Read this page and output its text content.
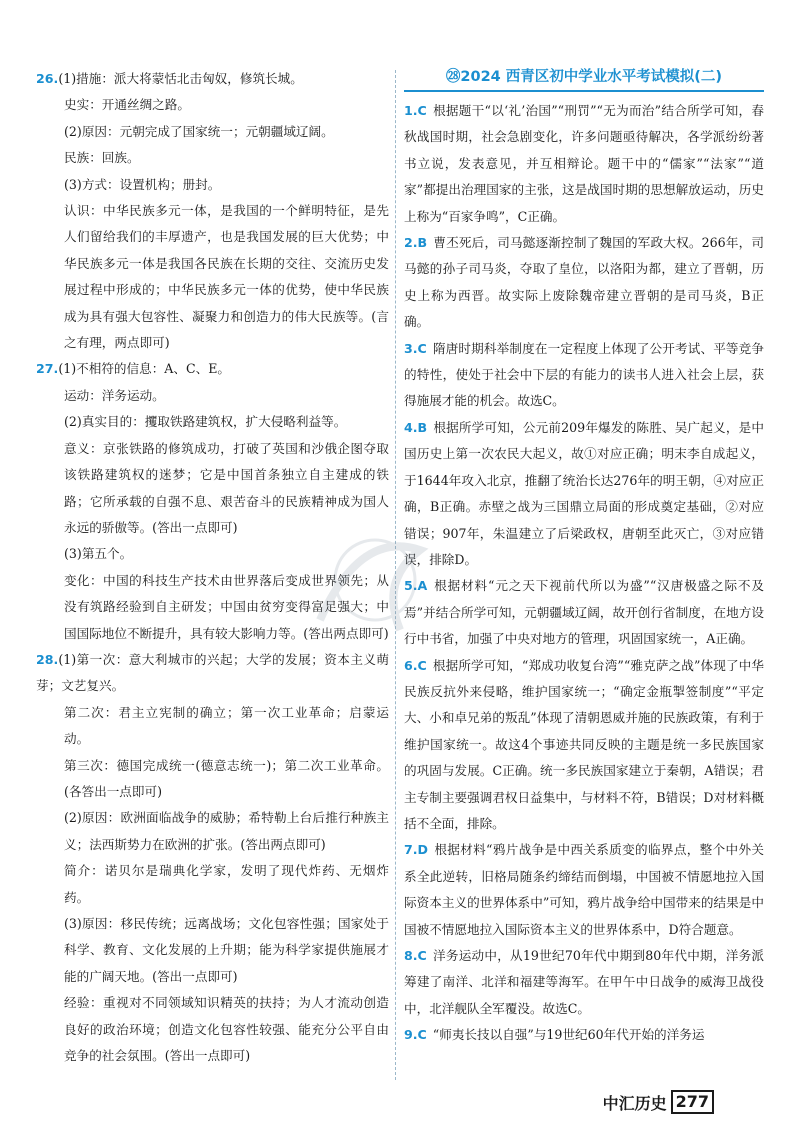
26.(1)措施：派大将蒙恬北击匈奴，修筑长城。

史实：开通丝绸之路。

(2)原因：元朝完成了国家统一；元朝疆域辽阔。

民族：回族。

(3)方式：设置机构；册封。

认识：中华民族多元一体，是我国的一个鲜明特征，是先人们留给我们的丰厚遗产，也是我国发展的巨大优势；中华民族多元一体是我国各民族在长期的交往、交流历史发展过程中形成的；中华民族多元一体的优势，使中华民族成为具有强大包容性、凝聚力和创造力的伟大民族等。(言之有理，两点即可)

27.(1)不相符的信息：A、C、E。

运动：洋务运动。

(2)真实目的：攫取铁路建筑权，扩大侵略利益等。

意义：京张铁路的修筑成功，打破了英国和沙俄企图夺取该铁路建筑权的迷梦；它是中国首条独立自主建成的铁路；它所承载的自强不息、艰苦奋斗的民族精神成为国人永远的骄傲等。(答出一点即可)

(3)第五个。

变化：中国的科技生产技术由世界落后变成世界领先；从没有筑路经验到自主研发；中国由贫穷变得富足强大；中国国际地位不断提升，具有较大影响力等。(答出两点即可)

28.(1)第一次：意大利城市的兴起；大学的发展；资本主义萌芽；文艺复兴。

第二次：君主立宪制的确立；第一次工业革命；启蒙运动。

第三次：德国完成统一(德意志统一)；第二次工业革命。(各答出一点即可)

(2)原因：欧洲面临战争的威胁；希特勒上台后推行种族主义；法西斯势力在欧洲的扩张。(答出两点即可)

简介：诺贝尔是瑞典化学家，发明了现代炸药、无烟炸药。

(3)原因：移民传统；远离战场；文化包容性强；国家处于科学、教育、文化发展的上升期；能为科学家提供施展才能的广阔天地。(答出一点即可)

经验：重视对不同领域知识精英的扶持；为人才流动创造良好的政治环境；创造文化包容性较强、能充分公平自由竞争的社会氛围。(答出一点即可)

㉘2024 西青区初中学业水平考试模拟(二)

1.C 根据题干“以‘礼’治国”“刑罚”“无为而治”结合所学可知，春秋战国时期，社会急剧变化，许多问题亟待解决，各学派纷纷著书立说，发表意见，并互相辩论。题干中的“儒家”“法家”“道家”都提出治理国家的主张，这是战国时期的思想解放运动，历史上称为“百家争鸣”，C正确。

2.B 曹丕死后，司马懿逐渐控制了魏国的军政大权。266年，司马懿的孙子司马炎，夺取了皇位，以洛阳为都，建立了晋朝，历史上称为西晋。故实际上废除魏帝建立晋朝的是司马炎，B正确。

3.C 隋唐时期科举制度在一定程度上体现了公开考试、平等竞争的特性，使处于社会中下层的有能力的读书人进入社会上层，获得施展才能的机会。故选C。

4.B 根据所学可知，公元前209年爆发的陈胜、吴广起义，是中国历史上第一次农民大起义，故①对应正确；明末李自成起义，于1644年攻入北京，推翻了统治长达276年的明王朝，④对应正确，B正确。赤壁之战为三国鼎立局面的形成奠定基础，②对应错误；907年，朱温建立了后梁政权，唐朝至此灭亡，③对应错误，排除D。

5.A 根据材料“元之天下视前代所以为盛”“汉唐极盛之际不及焉”并结合所学可知，元朝疆域辽阔，故开创行省制度，在地方设行中书省，加强了中央对地方的管理，巩固国家统一，A正确。

6.C 根据所学可知，“郑成功收复台湾”“雅克萨之战”体现了中华民族反抗外来侵略，维护国家统一；“确定金瓶掣签制度”“平定大、小和卓兄弟的叛乱”体现了清朝恩威并施的民族政策，有利于维护国家统一。故这4个事迹共同反映的主题是统一多民族国家的巩固与发展。C正确。统一多民族国家建立于秦朝，A错误；君主专制主要强调君权日益集中，与材料不符，B错误；D对材料概括不全面，排除。

7.D 根据材料“鸦片战争是中西关系质变的临界点，整个中外关系全此逆转，旧格局随条约缔结而倒塌，中国被不情愿地拉入国际资本主义的世界体系中”可知，鸦片战争给中国带来的结果是中国被不情愿地拉入国际资本主义的世界体系中，D符合题意。

8.C 洋务运动中，从19世纪70年代中期到80年代中期，洋务派筹建了南洋、北洋和福建等海军。在甲午中日战争的威海卫战役中，北洋舰队全军覆没。故选C。

9.C “师夷长技以自强”与19世纪60年代开始的洋务运

中汇历史 277
